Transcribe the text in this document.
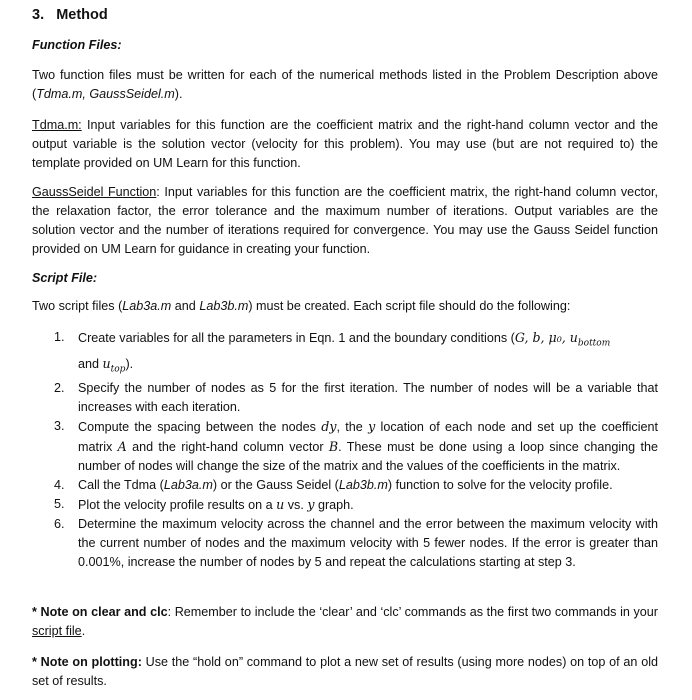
3. Method

Function Files:

Two function files must be written for each of the numerical methods listed in the Problem Description above (Tdma.m, GaussSeidel.m).

Tdma.m: Input variables for this function are the coefficient matrix and the right-hand column vector and the output variable is the solution vector (velocity for this problem). You may use (but are not required to) the template provided on UM Learn for this function.

GaussSeidel Function: Input variables for this function are the coefficient matrix, the right-hand column vector, the relaxation factor, the error tolerance and the maximum number of iterations. Output variables are the solution vector and the number of iterations required for convergence. You may use the Gauss Seidel function provided on UM Learn for guidance in creating your function.

Script File:

Two script files (Lab3a.m and Lab3b.m) must be created. Each script file should do the following:

1. Create variables for all the parameters in Eqn. 1 and the boundary conditions (G, b, μ₀, $u_{bottom}$
and $u_{top}$).
2. Specify the number of nodes as 5 for the first iteration. The number of nodes will be a variable that increases with each iteration.
3. Compute the spacing between the nodes dy, the y location of each node and set up the coefficient matrix A and the right-hand column vector B. These must be done using a loop since changing the number of nodes will change the size of the matrix and the values of the coefficients in the matrix.
4. Call the Tdma (Lab3a.m) or the Gauss Seidel (Lab3b.m) function to solve for the velocity profile.
5. Plot the velocity profile results on a u vs. y graph.
6. Determine the maximum velocity across the channel and the error between the maximum velocity with the current number of nodes and the maximum velocity with 5 fewer nodes. If the error is greater than 0.001%, increase the number of nodes by 5 and repeat the calculations starting at step 3.

* Note on clear and clc: Remember to include the ‘clear’ and ‘clc’ commands as the first two commands in your script file.

* Note on plotting: Use the “hold on” command to plot a new set of results (using more nodes) on top of an old set of results.
